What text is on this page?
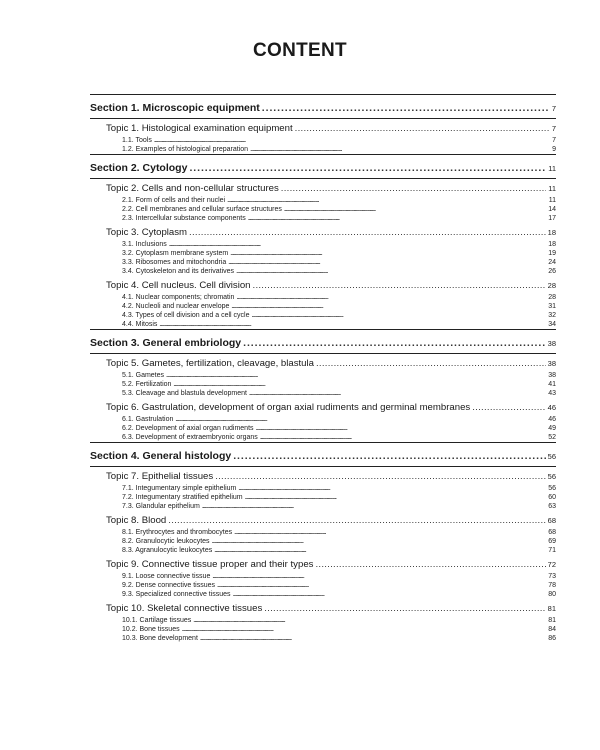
CONTENT
Section 1. Microscopic equipment . . .	7
Topic 1. Histological examination equipment . . .	7
1.1. Tools . . .	7
1.2. Examples of histological preparation . . .	9
Section 2. Cytology . . .	11
Topic 2. Cells and non-cellular structures . . .	11
2.1. Form of cells and their nuclei . . .	11
2.2. Cell membranes and cellular surface structures . . .	14
2.3. Intercellular substance components . . .	17
Topic 3. Cytoplasm . . .	18
3.1. Inclusions . . .	18
3.2. Cytoplasm membrane system . . .	19
3.3. Ribosomes and mitochondria . . .	24
3.4. Cytoskeleton and its derivatives . . .	26
Topic 4. Cell nucleus. Cell division . . .	28
4.1. Nuclear components; chromatin . . .	28
4.2. Nucleoli and nuclear envelope . . .	31
4.3. Types of cell division and a cell cycle . . .	32
4.4. Mitosis . . .	34
Section 3. General embriology . . .	38
Topic 5. Gametes, fertilization, cleavage, blastula . . .	38
5.1. Gametes . . .	38
5.2. Fertilization . . .	41
5.3. Cleavage and blastula development . . .	43
Topic 6. Gastrulation, development of organ axial rudiments and germinal membranes . . .	46
6.1. Gastrulation . . .	46
6.2. Development of axial organ rudiments . . .	49
6.3. Development of extraembryonic organs . . .	52
Section 4. General histology . . .	56
Topic 7. Epithelial tissues . . .	56
7.1. Integumentary simple epithelium . . .	56
7.2. Integumentary stratified epithelium . . .	60
7.3. Glandular epithelium . . .	63
Topic 8. Blood . . .	68
8.1. Erythrocytes and thrombocytes . . .	68
8.2. Granulocytic leukocytes . . .	69
8.3. Agranulocytic leukocytes . . .	71
Topic 9. Connective tissue proper and their types . . .	72
9.1. Loose connective tissue . . .	73
9.2. Dense connective tissues . . .	78
9.3. Specialized connective tissues . . .	80
Topic 10. Skeletal connective tissues . . .	81
10.1. Cartilage tissues . . .	81
10.2. Bone tissues . . .	84
10.3. Bone development . . .	86
